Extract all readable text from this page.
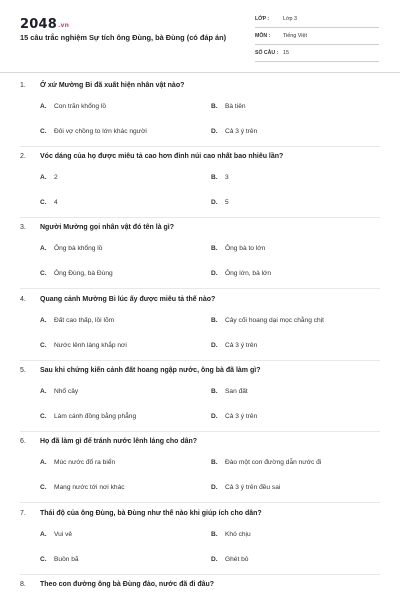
2048.vn
15 câu trắc nghiệm Sự tích ông Đùng, bà Đùng (có đáp án)
LỚP :	Lớp 3
MÔN : Tiếng Việt
SỐ CÂU : 15
1. Ở xứ Mường Bi đã xuất hiện nhân vật nào?
A. Con trăn khổng lồ	B. Bà tiên
C. Đôi vợ chồng to lớn khác người	D. Cả 3 ý trên
2. Vóc dáng của họ được miêu tả cao hơn đỉnh núi cao nhất bao nhiêu lần?
A. 2	B. 3
C. 4	D. 5
3. Người Mường gọi nhân vật đó tên là gì?
A. Ông bà khổng lồ	B. Ông bà to lớn
C. Ông Đùng, bà Đùng	D. Ông lớn, bà lớn
4. Quang cảnh Mường Bi lúc ấy được miêu tả thế nào?
A. Đất cao thấp, lồi lõm	B. Cây cối hoang dại mọc chằng chịt
C. Nước lênh láng khắp nơi	D. Cả 3 ý trên
5. Sau khi chứng kiến cảnh đất hoang ngập nước, ông bà đã làm gì?
A. Nhổ cây	B. San đất
C. Làm cánh đồng bằng phẳng	D. Cả 3 ý trên
6. Họ đã làm gì để tránh nước lênh láng cho dân?
A. Múc nước đổ ra biển	B. Đào một con đường dẫn nước đi
C. Mang nước tới nơi khác	D. Cả 3 ý trên đều sai
7. Thái độ của ông Đùng, bà Đùng như thế nào khi giúp ích cho dân?
A. Vui vẻ	B. Khó chịu
C. Buồn bã	D. Ghét bỏ
8. Theo con đường ông bà Đùng đào, nước đã đi đâu?
